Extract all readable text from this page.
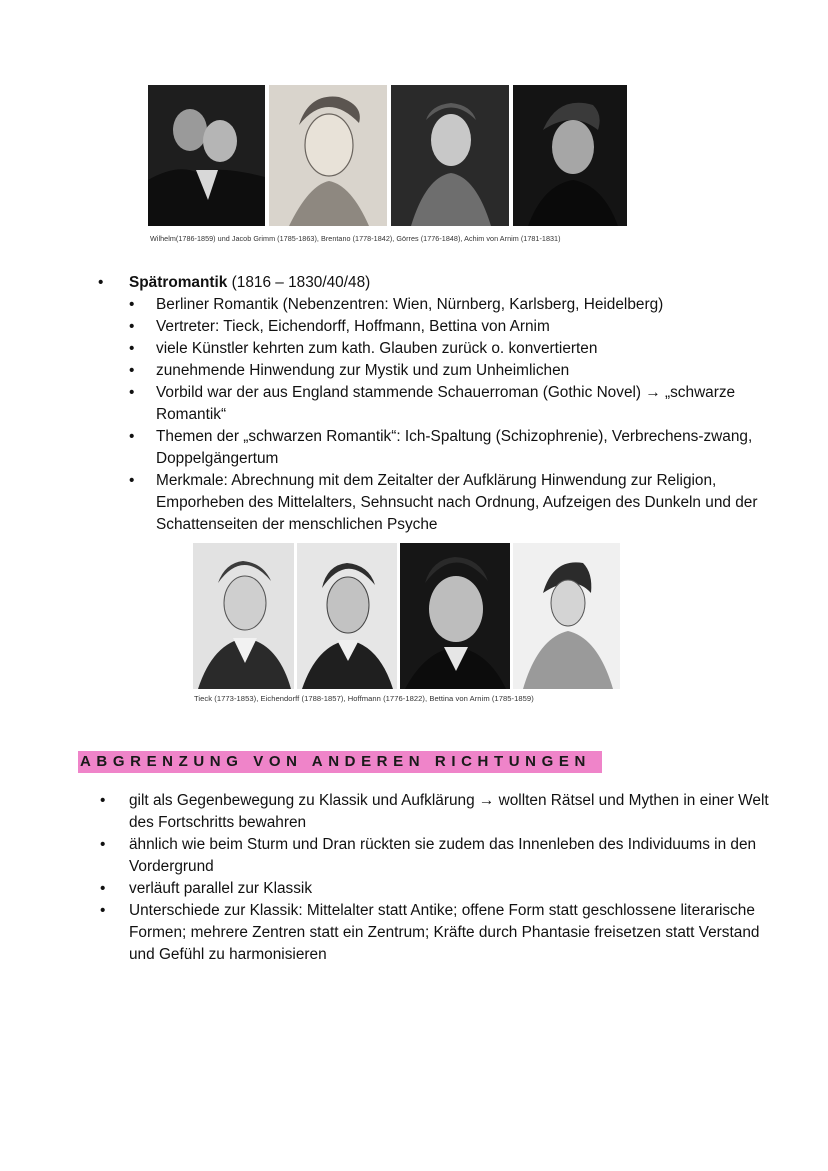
Wilhelm(1786-1859) und Jacob Grimm (1785-1863), Brentano (1778-1842), Görres (1776-1848), Achim von Arnim (1781-1831)
• Spätromantik (1816 – 1830/40/48)
• Berliner Romantik (Nebenzentren: Wien, Nürnberg, Karlsberg, Heidelberg)
• Vertreter: Tieck, Eichendorff, Hoffmann, Bettina von Arnim
• viele Künstler kehrten zum kath. Glauben zurück o. konvertierten
• zunehmende Hinwendung zur Mystik und zum Unheimlichen
• Vorbild war der aus England stammende Schauerroman (Gothic Novel) → „schwarze Romantik“
• Themen der „schwarzen Romantik“: Ich-Spaltung (Schizophrenie), Verbrechens-zwang, Doppelgängertum
• Merkmale: Abrechnung mit dem Zeitalter der Aufklärung Hinwendung zur Religion, Emporheben des Mittelalters, Sehnsucht nach Ordnung, Aufzeigen des Dunkeln und der Schattenseiten der menschlichen Psyche
Tieck (1773-1853), Eichendorff (1788-1857), Hoffmann (1776-1822), Bettina von Arnim (1785-1859)
ABGRENZUNG VON ANDEREN RICHTUNGEN
• gilt als Gegenbewegung zu Klassik und Aufklärung → wollten Rätsel und Mythen in einer Welt des Fortschritts bewahren
• ähnlich wie beim Sturm und Dran rückten sie zudem das Innenleben des Individuums in den Vordergrund
• verläuft parallel zur Klassik
• Unterschiede zur Klassik: Mittelalter statt Antike; offene Form statt geschlossene literarische Formen; mehrere Zentren statt ein Zentrum; Kräfte durch Phantasie freisetzen statt Verstand und Gefühl zu harmonisieren
